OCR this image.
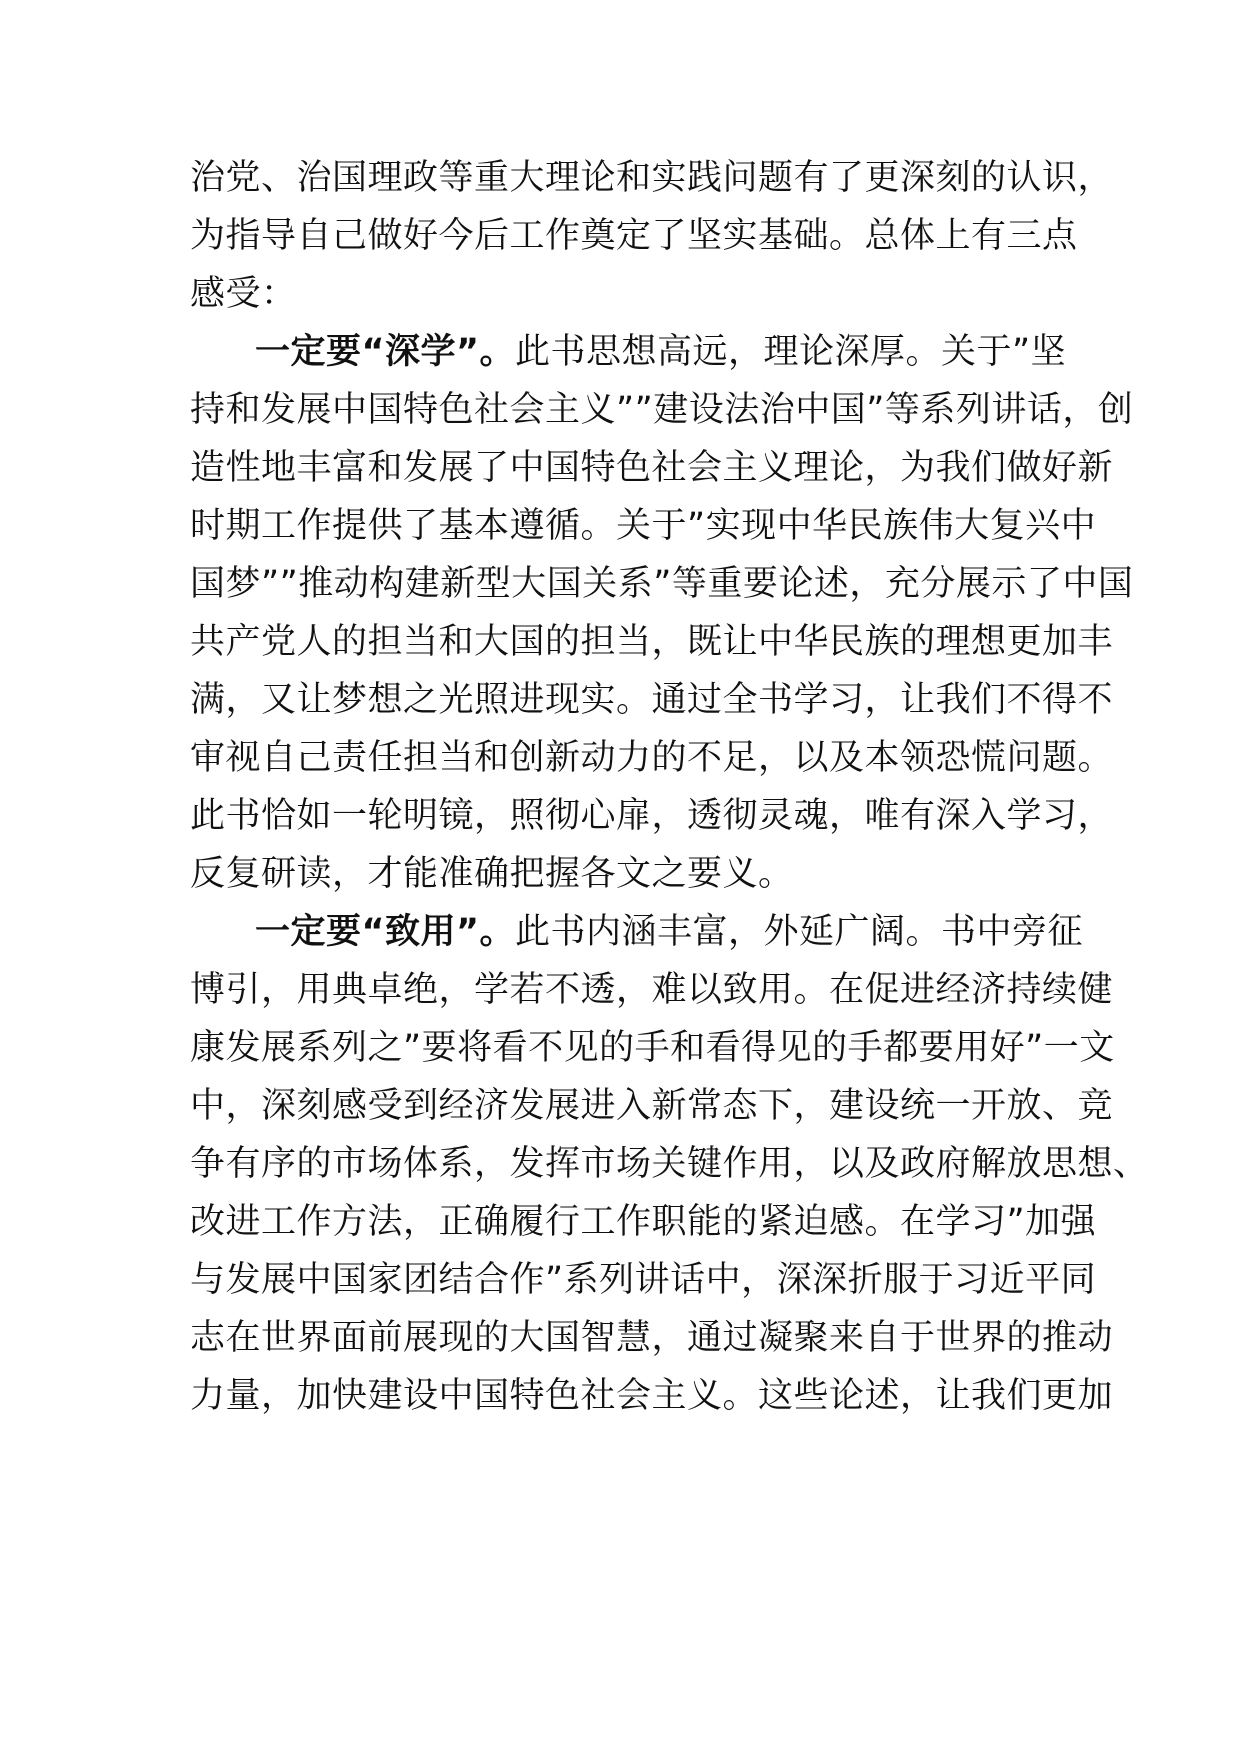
治党、治国理政等重大理论和实践问题有了更深刻的认识，
为指导自己做好今后工作奠定了坚实基础。总体上有三点
感受：
一定要“深学”。此书思想高远，理论深厚。关于”坚
持和发展中国特色社会主义””建设法治中国”等系列讲话，创
造性地丰富和发展了中国特色社会主义理论，为我们做好新
时期工作提供了基本遵循。关于”实现中华民族伟大复兴中
国梦””推动构建新型大国关系”等重要论述，充分展示了中国
共产党人的担当和大国的担当，既让中华民族的理想更加丰
满，又让梦想之光照进现实。通过全书学习，让我们不得不
审视自己责任担当和创新动力的不足，以及本领恐慌问题。
此书恰如一轮明镜，照彻心扉，透彻灵魂，唯有深入学习，
反复研读，才能准确把握各文之要义。
一定要“致用”。此书内涵丰富，外延广阔。书中旁征
博引，用典卓绝，学若不透，难以致用。在促进经济持续健
康发展系列之”要将看不见的手和看得见的手都要用好”一文
中，深刻感受到经济发展进入新常态下，建设统一开放、竞
争有序的市场体系，发挥市场关键作用，以及政府解放思想、
改进工作方法，正确履行工作职能的紧迫感。在学习”加强
与发展中国家团结合作”系列讲话中，深深折服于习近平同
志在世界面前展现的大国智慧，通过凝聚来自于世界的推动
力量，加快建设中国特色社会主义。这些论述，让我们更加
